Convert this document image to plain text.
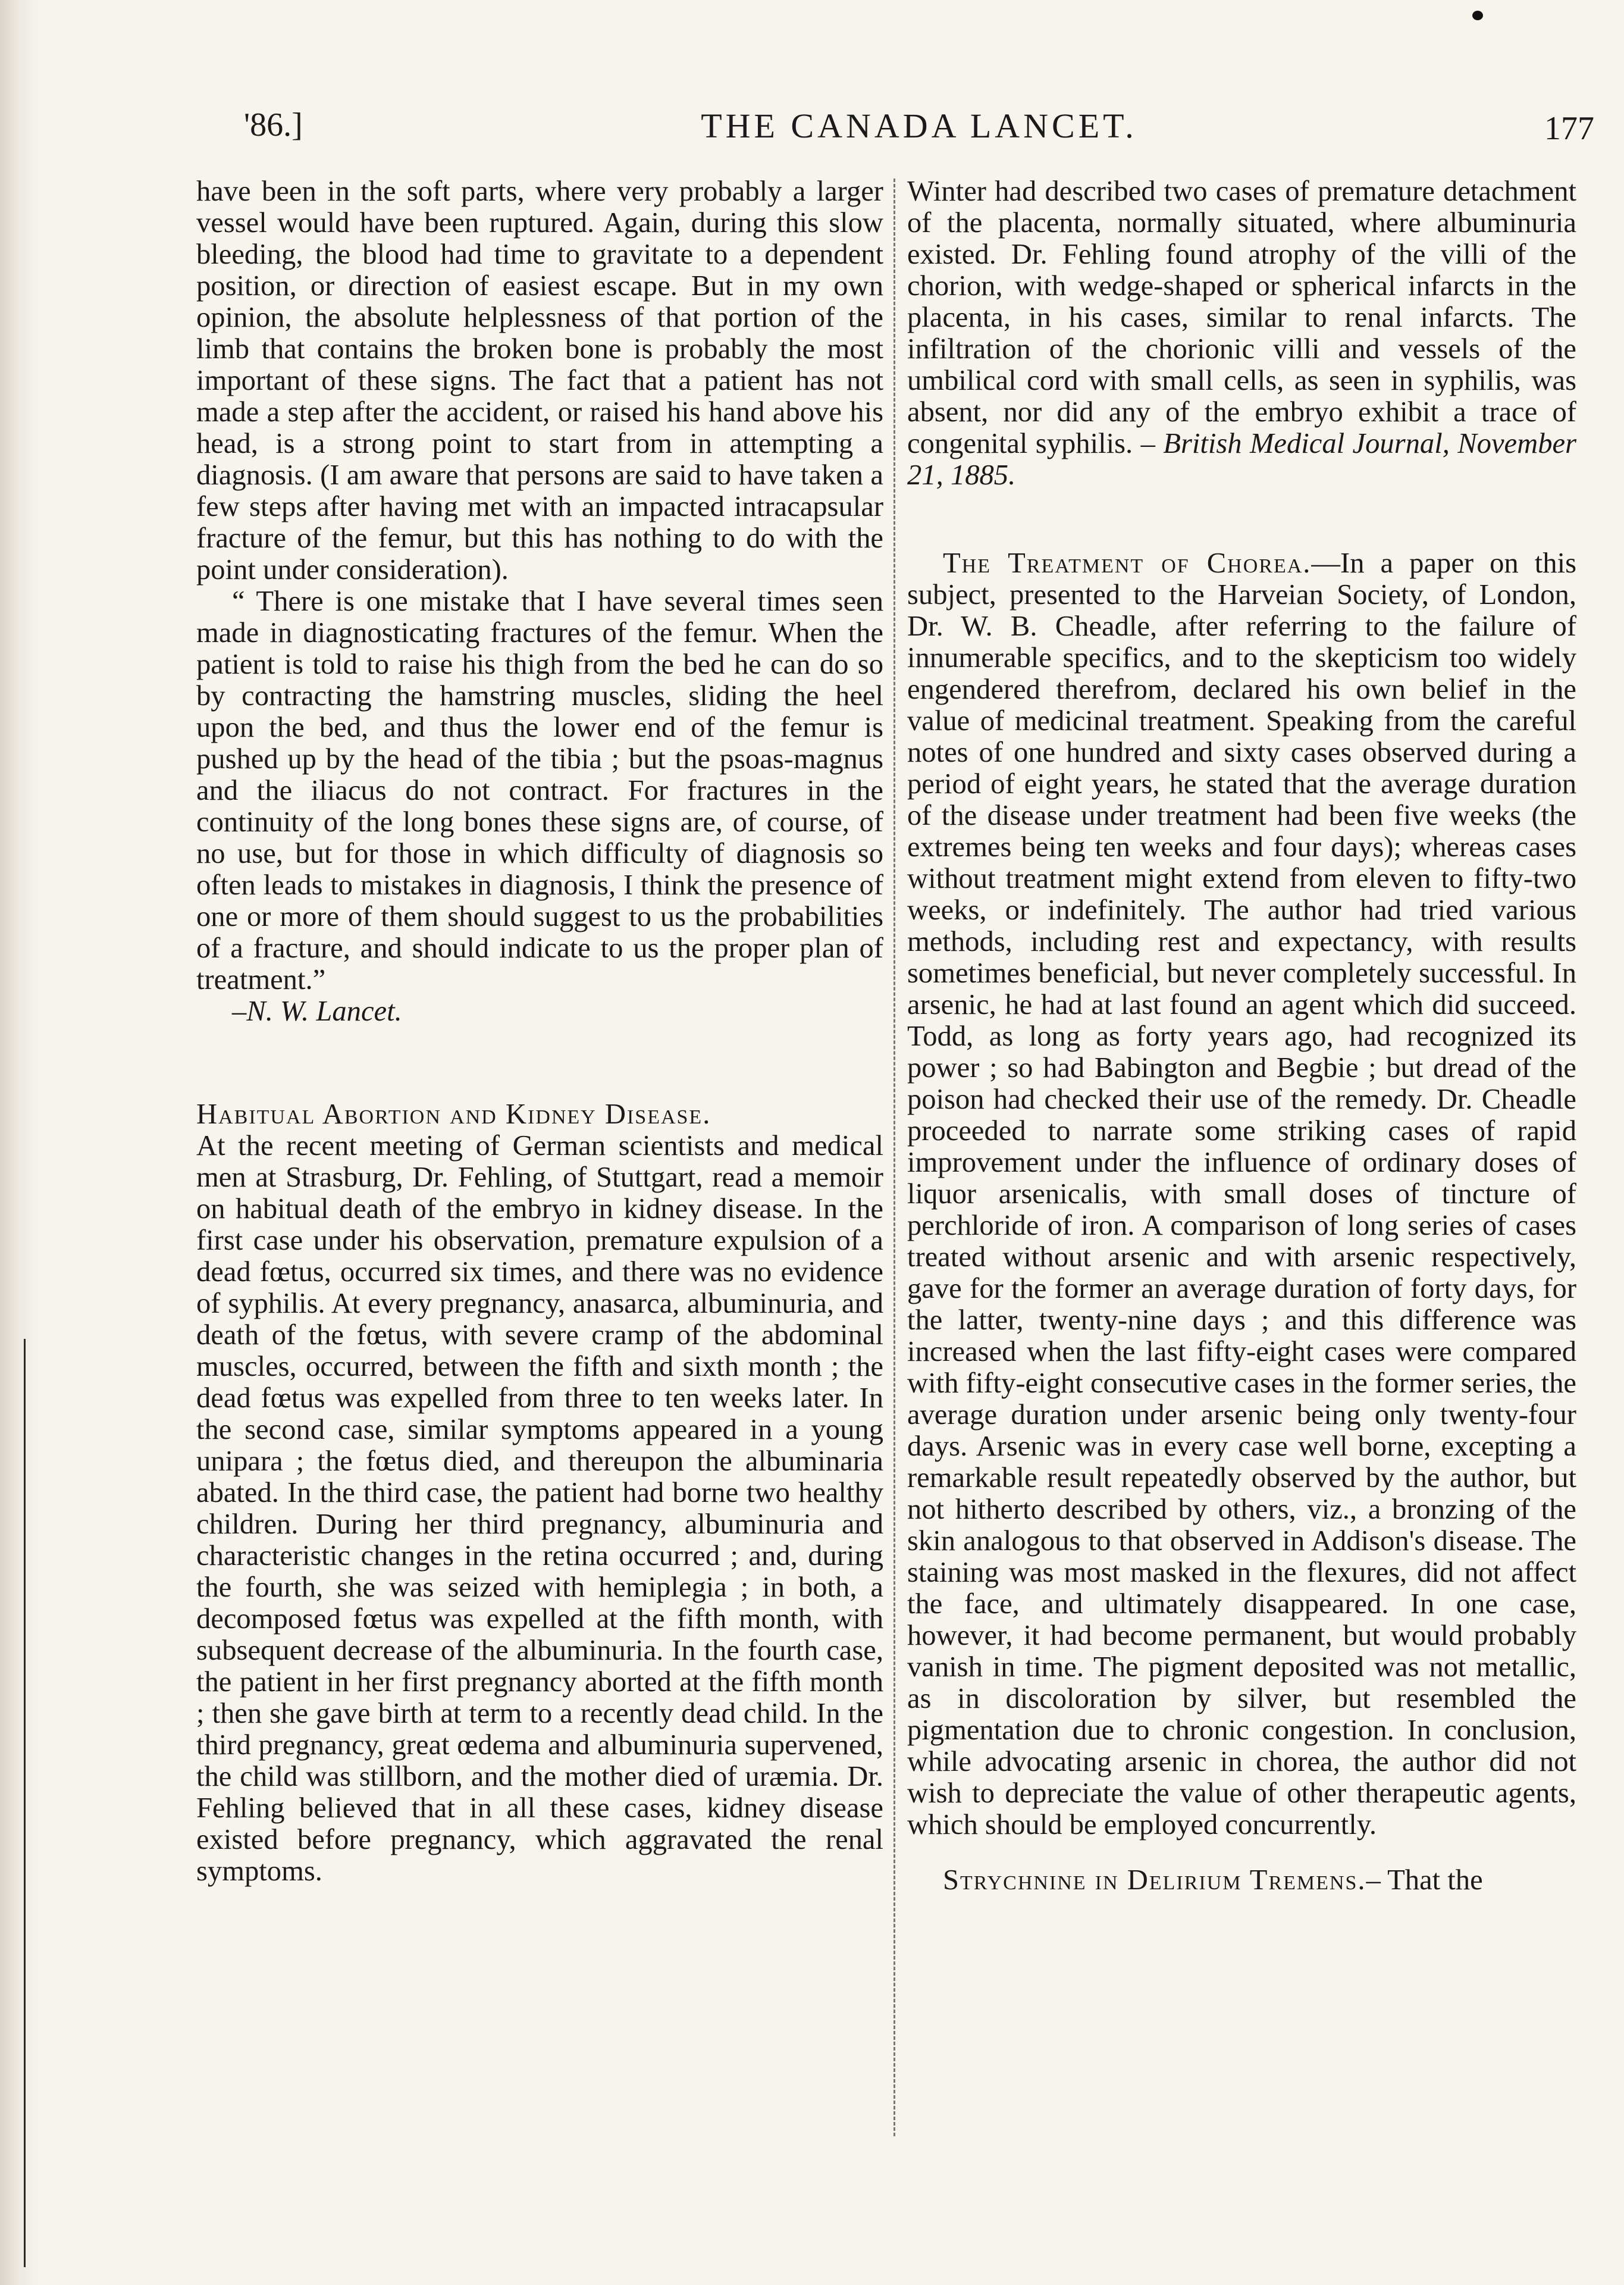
'86.]	THE CANADA LANCET.	177

have been in the soft parts, where very probably a larger vessel would have been ruptured. Again, during this slow bleeding, the blood had time to gravitate to a dependent position, or direction of easiest escape. But in my own opinion, the absolute helplessness of that portion of the limb that contains the broken bone is probably the most important of these signs. The fact that a patient has not made a step after the accident, or raised his hand above his head, is a strong point to start from in attempting a diagnosis. (I am aware that persons are said to have taken a few steps after having met with an impacted intracapsular fracture of the femur, but this has nothing to do with the point under consideration).

“ There is one mistake that I have several times seen made in diagnosticating fractures of the femur. When the patient is told to raise his thigh from the bed he can do so by contracting the hamstring muscles, sliding the heel upon the bed, and thus the lower end of the femur is pushed up by the head of the tibia ; but the psoas-magnus and the iliacus do not contract. For fractures in the continuity of the long bones these signs are, of course, of no use, but for those in which difficulty of diagnosis so often leads to mistakes in diagnosis, I think the presence of one or more of them should suggest to us the probabilities of a fracture, and should indicate to us the proper plan of treatment.”

–N. W. Lancet.

Habitual Abortion and Kidney Disease.

At the recent meeting of German scientists and medical men at Strasburg, Dr. Fehling, of Stuttgart, read a memoir on habitual death of the embryo in kidney disease. In the first case under his observation, premature expulsion of a dead fœtus, occurred six times, and there was no evidence of syphilis. At every pregnancy, anasarca, albuminuria, and death of the fœtus, with severe cramp of the abdominal muscles, occurred, between the fifth and sixth month ; the dead fœtus was expelled from three to ten weeks later. In the second case, similar symptoms appeared in a young unipara ; the fœtus died, and thereupon the albuminaria abated. In the third case, the patient had borne two healthy children. During her third pregnancy, albuminuria and characteristic changes in the retina occurred ; and, during the fourth, she was seized with hemiplegia ; in both, a decomposed fœtus was expelled at the fifth month, with subsequent decrease of the albuminuria. In the fourth case, the patient in her first pregnancy aborted at the fifth month ; then she gave birth at term to a recently dead child. In the third pregnancy, great œdema and albuminuria supervened, the child was stillborn, and the mother died of uræmia. Dr. Fehling believed that in all these cases, kidney disease existed before pregnancy, which aggravated the renal symptoms.

Winter had described two cases of premature detachment of the placenta, normally situated, where albuminuria existed. Dr. Fehling found atrophy of the villi of the chorion, with wedge-shaped or spherical infarcts in the placenta, in his cases, similar to renal infarcts. The infiltration of the chorionic villi and vessels of the umbilical cord with small cells, as seen in syphilis, was absent, nor did any of the embryo exhibit a trace of congenital syphilis. – British Medical Journal, November 21, 1885.

The Treatment of Chorea.—In a paper on this subject, presented to the Harveian Society, of London, Dr. W. B. Cheadle, after referring to the failure of innumerable specifics, and to the skepticism too widely engendered therefrom, declared his own belief in the value of medicinal treatment. Speaking from the careful notes of one hundred and sixty cases observed during a period of eight years, he stated that the average duration of the disease under treatment had been five weeks (the extremes being ten weeks and four days); whereas cases without treatment might extend from eleven to fifty-two weeks, or indefinitely. The author had tried various methods, including rest and expectancy, with results sometimes beneficial, but never completely successful. In arsenic, he had at last found an agent which did succeed. Todd, as long as forty years ago, had recognized its power ; so had Babington and Begbie ; but dread of the poison had checked their use of the remedy. Dr. Cheadle proceeded to narrate some striking cases of rapid improvement under the influence of ordinary doses of liquor arsenicalis, with small doses of tincture of perchloride of iron. A comparison of long series of cases treated without arsenic and with arsenic respectively, gave for the former an average duration of forty days, for the latter, twenty-nine days ; and this difference was increased when the last fifty-eight cases were compared with fifty-eight consecutive cases in the former series, the average duration under arsenic being only twenty-four days. Arsenic was in every case well borne, excepting a remarkable result repeatedly observed by the author, but not hitherto described by others, viz., a bronzing of the skin analogous to that observed in Addison's disease. The staining was most masked in the flexures, did not affect the face, and ultimately disappeared. In one case, however, it had become permanent, but would probably vanish in time. The pigment deposited was not metallic, as in discoloration by silver, but resembled the pigmentation due to chronic congestion. In conclusion, while advocating arsenic in chorea, the author did not wish to depreciate the value of other therapeutic agents, which should be employed concurrently.

Strychnine in Delirium Tremens.– That the
